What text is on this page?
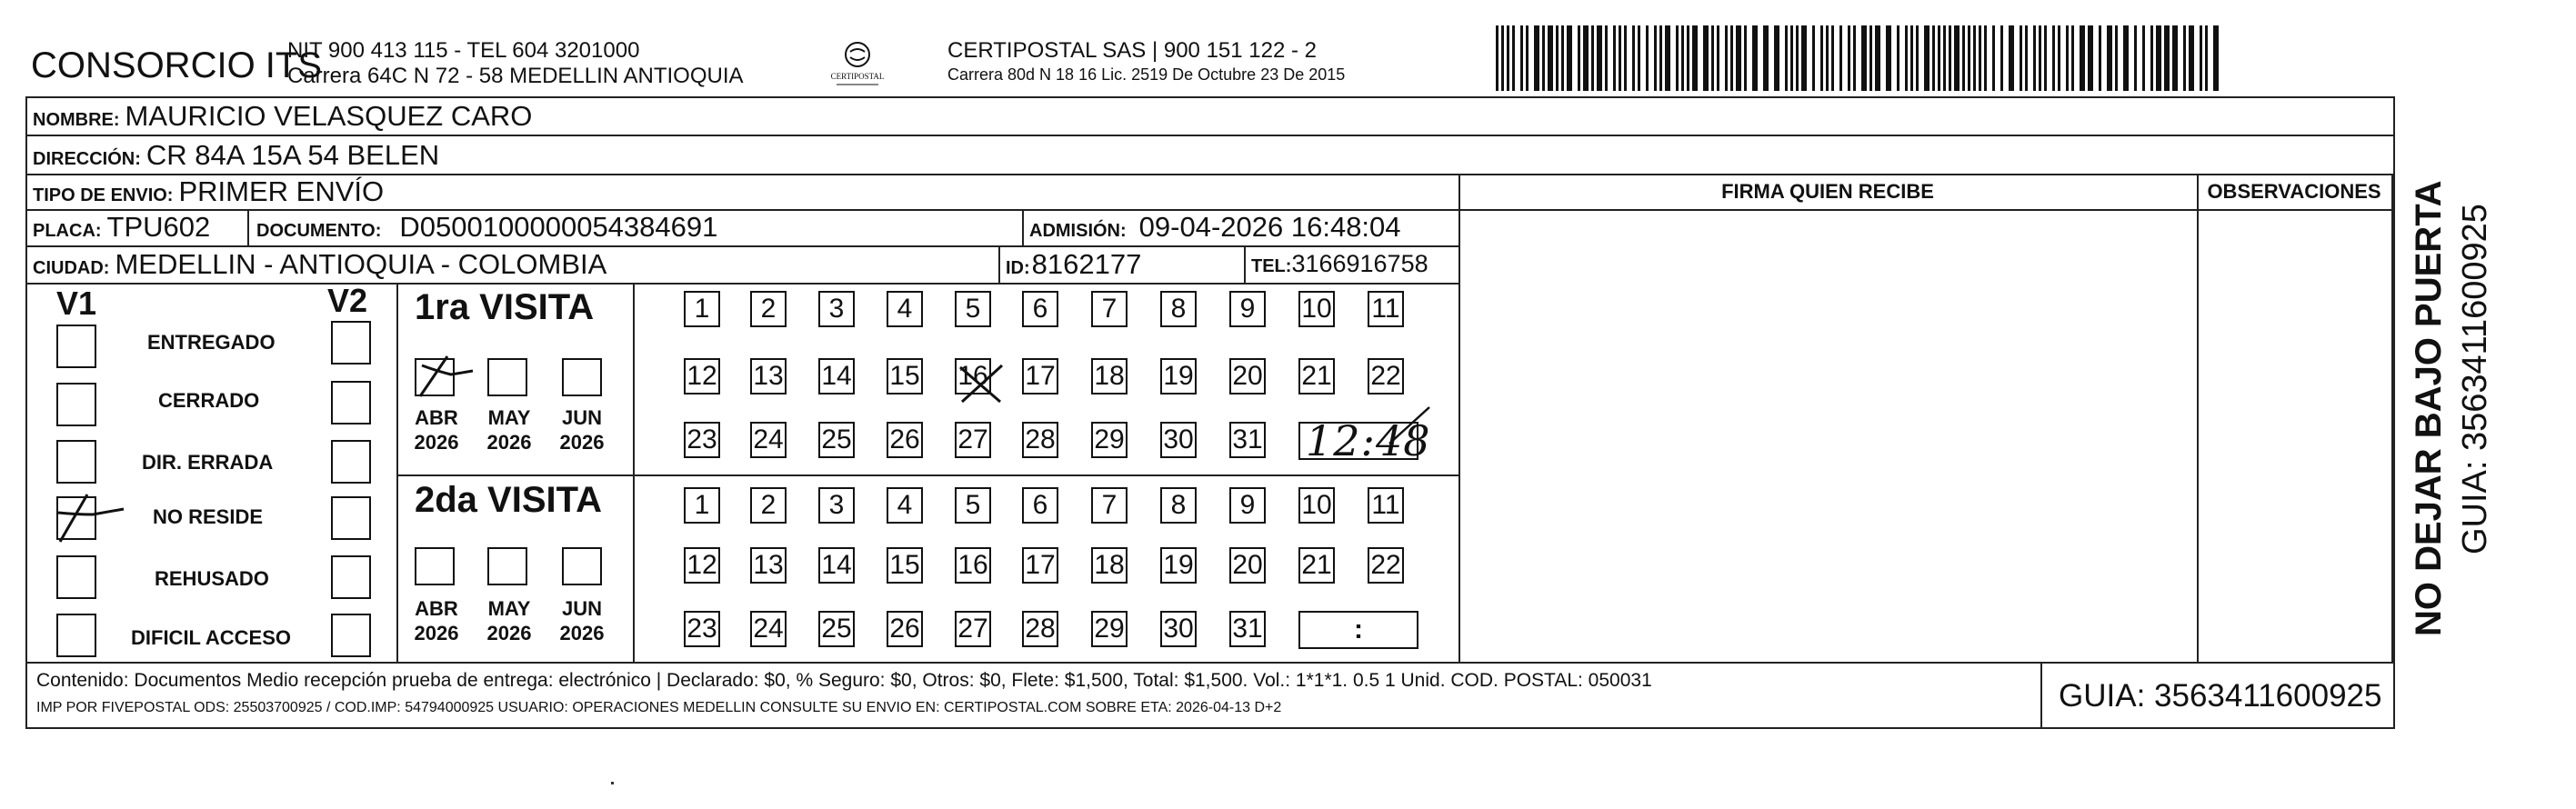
CONSORCIO ITS
NIT 900 413 115 - TEL 604 3201000
Carrera 64C N 72 - 58 MEDELLIN ANTIOQUIA	CERTIPOSTAL
CERTIPOSTAL SAS | 900 151 122 - 2
Carrera 80d N 18 16 Lic. 2519 De Octubre 23 De 2015
NOMBRE: MAURICIO VELASQUEZ CARO
DIRECCIÓN: CR 84A 15A 54 BELEN
TIPO DE ENVIO: PRIMER ENVÍO	FIRMA QUIEN RECIBE	OBSERVACIONES
PLACA: TPU602	DOCUMENTO: D0500100000054384691	ADMISIÓN: 09-04-2026 16:48:04
CIUDAD: MEDELLIN - ANTIOQUIA - COLOMBIA	ID: 8162177	TEL: 3166916758
V1	V2
ENTREGADO
CERRADO
DIR. ERRADA
NO RESIDE
REHUSADO
DIFICIL ACCESO
1ra VISITA
2da VISITA
ABR
2026
MAY
2026
JUN
2026
ABR
2026
MAY
2026
JUN
2026
1	2	3	4	5	6	7	8	9	10 11
12 13 14 15 16 17 18 19 20 21 22
23 24 25 26 27 28 29 30 31
1	2	3	4	5	6	7	8	9	10 11
12 13 14 15 16 17 18 19 20 21 22
23 24 25 26 27 28 29 30 31	:
12:48
Contenido: Documentos Medio recepción prueba de entrega: electrónico | Declarado: $0, % Seguro: $0, Otros: $0, Flete: $1,500, Total: $1,500. Vol.: 1*1*1. 0.5 1 Unid. COD. POSTAL: 050031
IMP POR FIVEPOSTAL ODS: 25503700925 / COD.IMP: 54794000925 USUARIO: OPERACIONES MEDELLIN CONSULTE SU ENVIO EN: CERTIPOSTAL.COM SOBRE ETA: 2026-04-13 D+2	GUIA: 3563411600925
NO DEJAR BAJO PUERTA GUIA: 3563411600925
